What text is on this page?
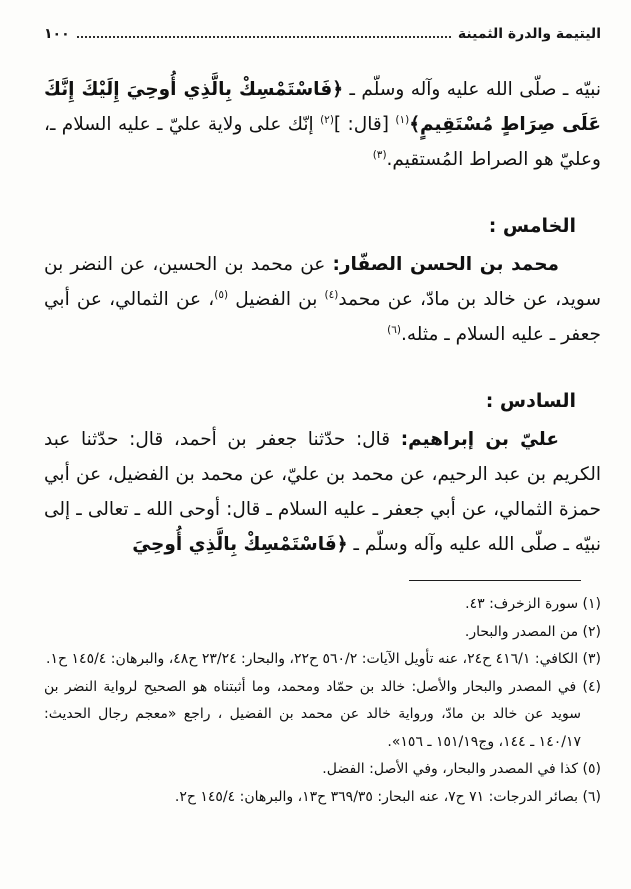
اليتيمة والدرة الثمينة
١٠٠

نبيّه ـ صلّى الله عليه وآله وسلّم ـ ﴿فَاسْتَمْسِكْ بِالَّذِي أُوحِيَ إِلَيْكَ إِنَّكَ عَلَى صِرَاطٍ مُسْتَقِيمٍ﴾$^{(١)}$ [قال: ]$^{(٢)}$ إنّك على ولاية عليّ ـ عليه السلام ـ، وعليّ هو الصراط المُستقيم.$^{(٣)}$

الخامس :

محمد بن الحسن الصفّار: عن محمد بن الحسين، عن النضر بن سويد، عن خالد بن مادّ، عن محمد$^{(٤)}$ بن الفضيل $^{(٥)}$، عن الثمالي، عن أبي جعفر ـ عليه السلام ـ مثله.$^{(٦)}$

السادس :

عليّ بن إبراهيم: قال: حدّثنا جعفر بن أحمد، قال: حدّثنا عبد الكريم بن عبد الرحيم، عن محمد بن عليّ، عن محمد بن الفضيل، عن أبي حمزة الثمالي، عن أبي جعفر ـ عليه السلام ـ قال: أوحى الله ـ تعالى ـ إلى نبيّه ـ صلّى الله عليه وآله وسلّم ـ ﴿فَاسْتَمْسِكْ بِالَّذِي أُوحِيَ

(١) سورة الزخرف: ٤٣.

(٢) من المصدر والبحار.

(٣) الكافي: ٤١٦/١ ح٢٤، عنه تأويل الآيات: ٥٦٠/٢ ح٢٢، والبحار: ٢٣/٢٤ ح٤٨، والبرهان: ١٤٥/٤ ح١.

(٤) في المصدر والبحار والأصل: خالد بن حمّاد ومحمد، وما أثبتناه هو الصحيح لرواية النضر بن سويد عن خالد بن مادّ، ورواية خالد عن محمد بن الفضيل ، راجع «معجم رجال الحديث: ١٤٠/١٧ ـ ١٤٤، وج١٥١/١٩ ـ ١٥٦».

(٥) كذا في المصدر والبحار، وفي الأصل: الفضل.

(٦) بصائر الدرجات: ٧١ ح٧، عنه البحار: ٣٦٩/٣٥ ح١٣، والبرهان: ١٤٥/٤ ح٢.
